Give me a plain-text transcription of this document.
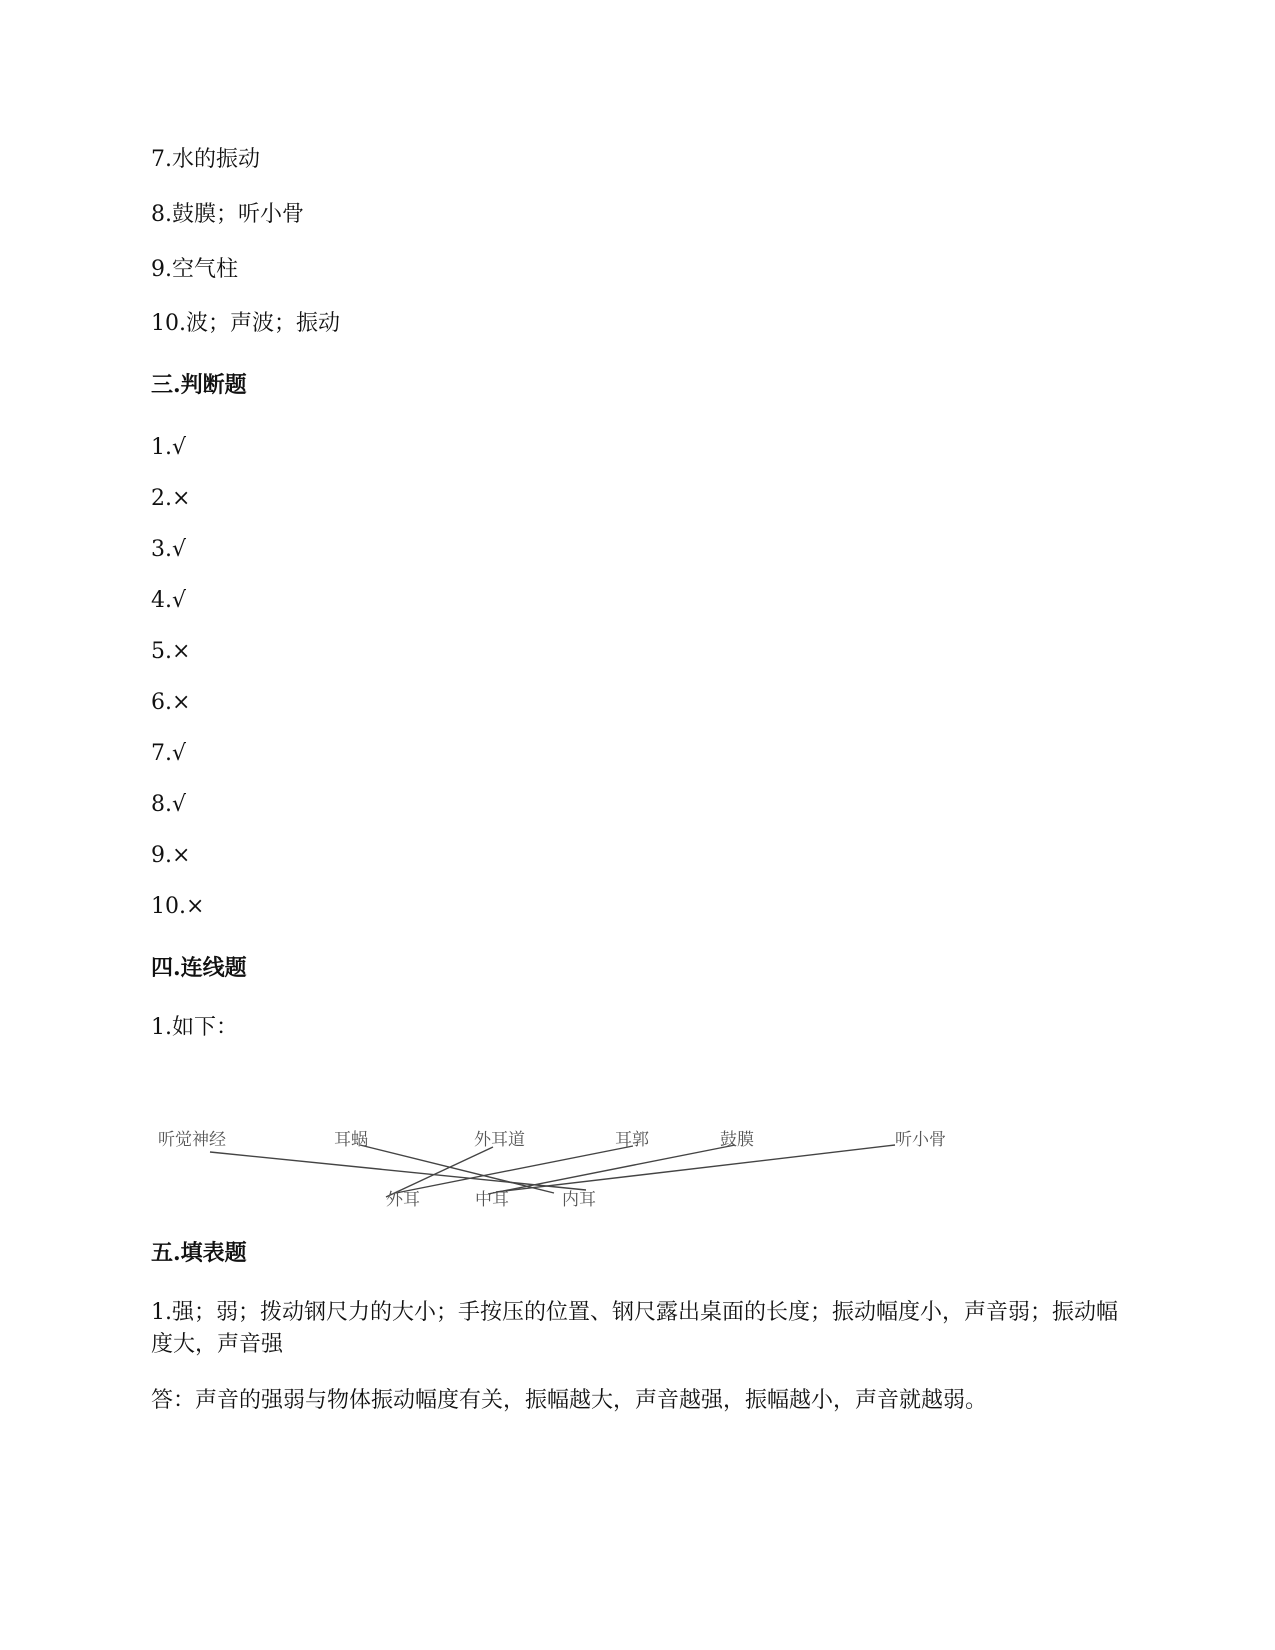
7.水的振动
8.鼓膜；听小骨
9.空气柱
10.波；声波；振动
三.判断题
1.√
2.×
3.√
4.√
5.×
6.×
7.√
8.√
9.×
10.×
四.连线题
1.如下：
听觉神经	耳蜗	外耳道	耳郭	鼓膜	听小骨
外耳	中耳	内耳
五.填表题
1.强；弱；拨动钢尺力的大小；手按压的位置、钢尺露出桌面的长度；振动幅度小，声音弱；振动幅度大，声音强
答：声音的强弱与物体振动幅度有关，振幅越大，声音越强，振幅越小，声音就越弱。
